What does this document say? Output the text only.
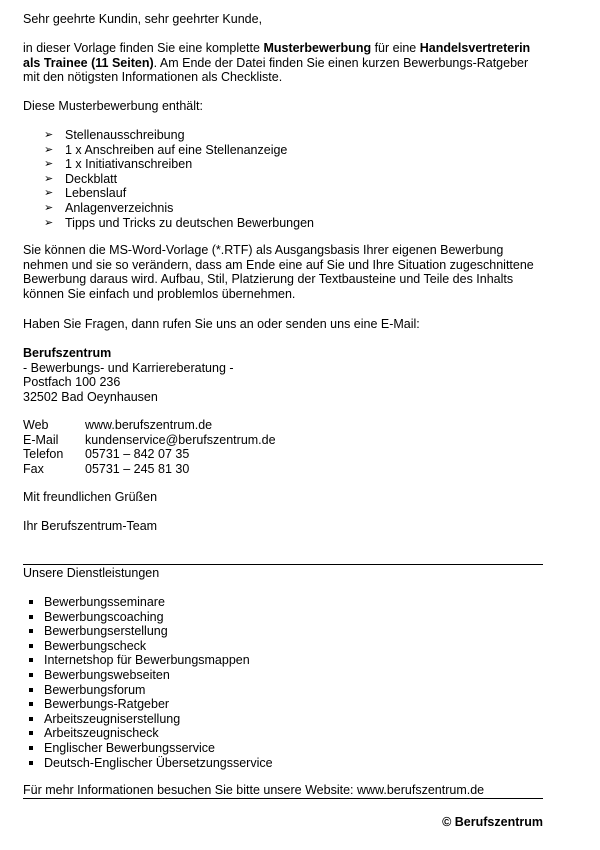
Sehr geehrte Kundin, sehr geehrter Kunde,

in dieser Vorlage finden Sie eine komplette Musterbewerbung für eine Handelsvertreterin als Trainee (11 Seiten). Am Ende der Datei finden Sie einen kurzen Bewerbungs-Ratgeber mit den nötigsten Informationen als Checkliste.

Diese Musterbewerbung enthält:

➢ Stellenausschreibung
➢ 1 x Anschreiben auf eine Stellenanzeige
➢ 1 x Initiativanschreiben
➢ Deckblatt
➢ Lebenslauf
➢ Anlagenverzeichnis
➢ Tipps und Tricks zu deutschen Bewerbungen

Sie können die MS-Word-Vorlage (*.RTF) als Ausgangsbasis Ihrer eigenen Bewerbung nehmen und sie so verändern, dass am Ende eine auf Sie und Ihre Situation zugeschnittene Bewerbung daraus wird. Aufbau, Stil, Platzierung der Textbausteine und Teile des Inhalts können Sie einfach und problemlos übernehmen.

Haben Sie Fragen, dann rufen Sie uns an oder senden uns eine E-Mail:

Berufszentrum
- Bewerbungs- und Karriereberatung -
Postfach 100 236
32502 Bad Oeynhausen
Web	www.berufszentrum.de
E-Mail kundenservice@berufszentrum.de
Telefon 05731 – 842 07 35
Fax	05731 – 245 81 30

Mit freundlichen Grüßen

Ihr Berufszentrum-Team

Unsere Dienstleistungen

Bewerbungsseminare
Bewerbungscoaching
Bewerbungserstellung
Bewerbungscheck
Internetshop für Bewerbungsmappen
Bewerbungswebseiten
Bewerbungsforum
Bewerbungs-Ratgeber
Arbeitszeugniserstellung
Arbeitszeugnischeck
Englischer Bewerbungsservice
Deutsch-Englischer Übersetzungsservice

Für mehr Informationen besuchen Sie bitte unsere Website: www.berufszentrum.de

© Berufszentrum
